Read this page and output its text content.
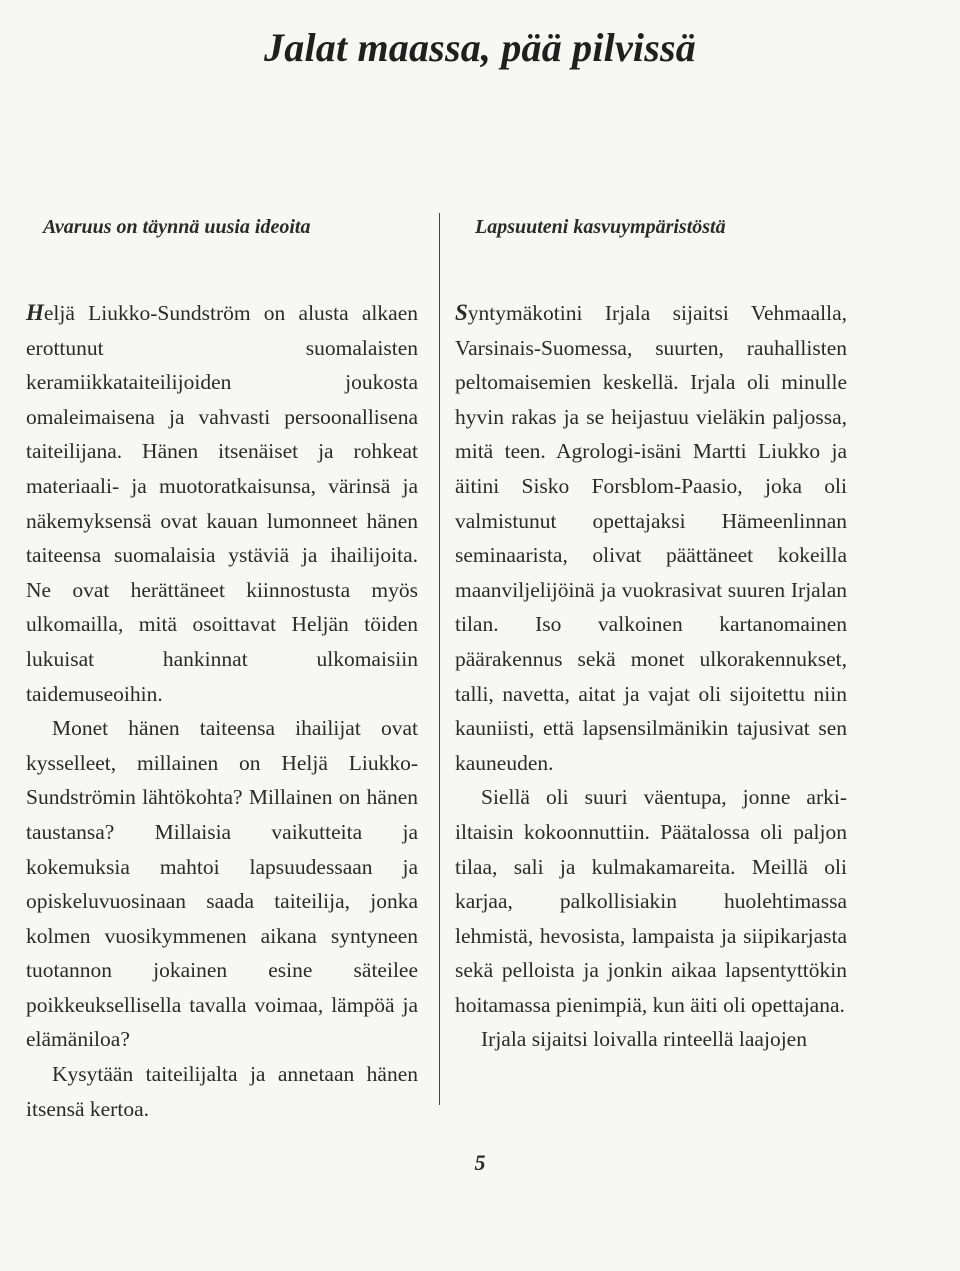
Jalat maassa, pää pilvissä
Avaruus on täynnä uusia ideoita

Heljä Liukko-Sundström on alusta alkaen erottunut suomalaisten keramiikkataiteilijoiden joukosta omaleimaisena ja vahvasti persoonallisena taiteilijana. Hänen itsenäiset ja rohkeat materiaali- ja muotoratkaisunsa, värinsä ja näkemyksensä ovat kauan lumonneet hänen taiteensa suomalaisia ystäviä ja ihailijoita. Ne ovat herättäneet kiinnostusta myös ulkomailla, mitä osoittavat Heljän töiden lukuisat hankinnat ulkomaisiin taidemuseoihin.

Monet hänen taiteensa ihailijat ovat kysselleet, millainen on Heljä Liukko-Sundströmin lähtökohta? Millainen on hänen taustansa? Millaisia vaikutteita ja kokemuksia mahtoi lapsuudessaan ja opiskeluvuosinaan saada taiteilija, jonka kolmen vuosikymmenen aikana syntyneen tuotannon jokainen esine säteilee poikkeuksellisella tavalla voimaa, lämpöä ja elämäniloa?

Kysytään taiteilijalta ja annetaan hänen itsensä kertoa.

Lapsuuteni kasvuympäristöstä

Syntymäkotini Irjala sijaitsi Vehmaalla, Varsinais-Suomessa, suurten, rauhallisten peltomaisemien keskellä. Irjala oli minulle hyvin rakas ja se heijastuu vieläkin paljossa, mitä teen. Agrologi-isäni Martti Liukko ja äitini Sisko Forsblom-Paasio, joka oli valmistunut opettajaksi Hämeenlinnan seminaarista, olivat päättäneet kokeilla maanviljelijöinä ja vuokrasivat suuren Irjalan tilan. Iso valkoinen kartanomainen päärakennus sekä monet ulkorakennukset, talli, navetta, aitat ja vajat oli sijoitettu niin kauniisti, että lapsensilmänikin tajusivat sen kauneuden.

Siellä oli suuri väentupa, jonne arki-iltaisin kokoonnuttiin. Päätalossa oli paljon tilaa, sali ja kulmakamareita. Meillä oli karjaa, palkollisiakin huolehtimassa lehmistä, hevosista, lampaista ja siipikarjasta sekä pelloista ja jonkin aikaa lapsentyttökin hoitamassa pienimpiä, kun äiti oli opettajana.

Irjala sijaitsi loivalla rinteellä laajojen

5
